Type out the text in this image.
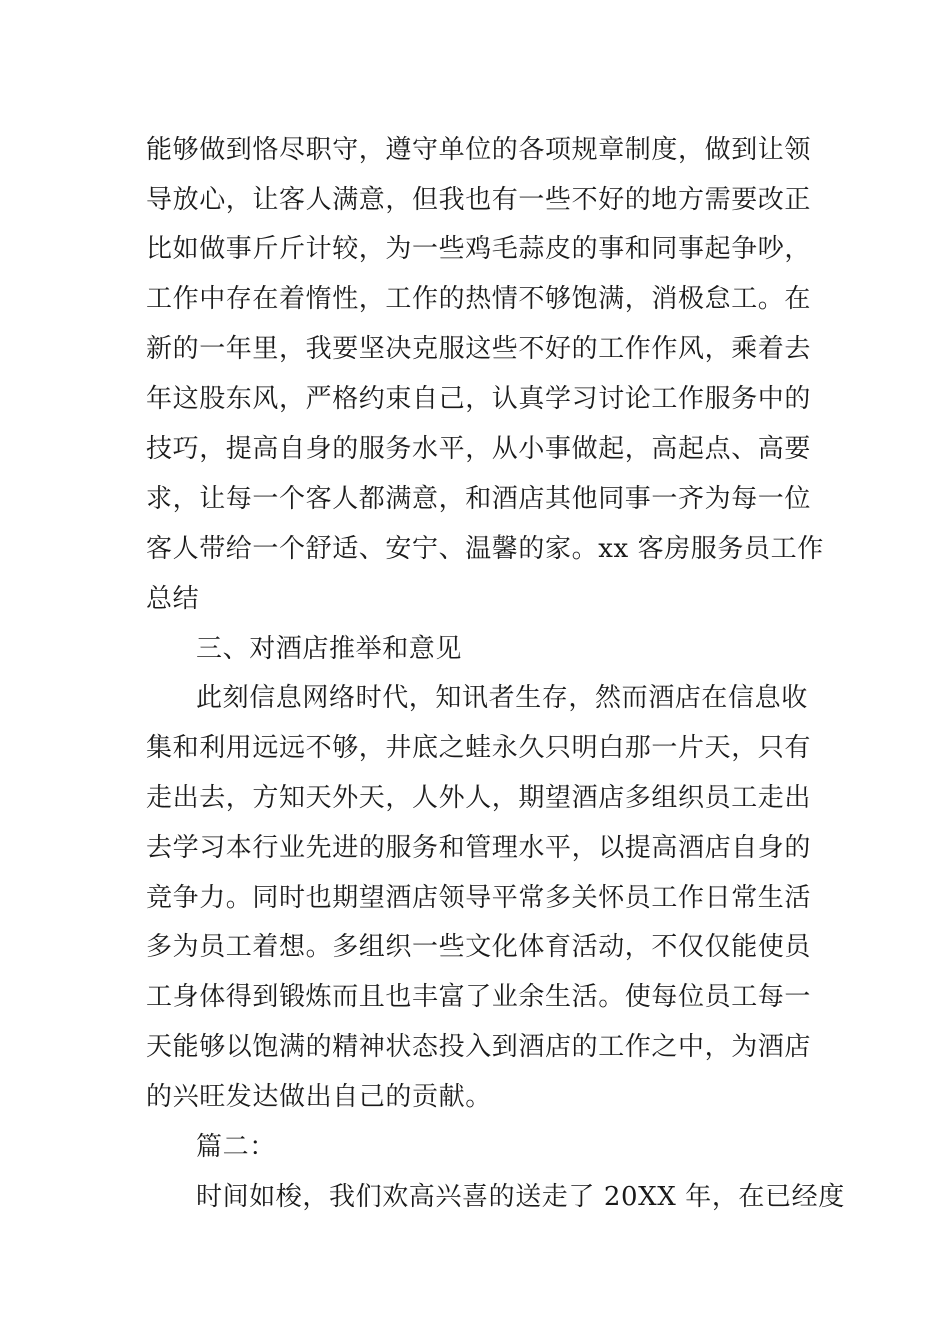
能够做到恪尽职守，遵守单位的各项规章制度，做到让领
导放心，让客人满意，但我也有一些不好的地方需要改正
比如做事斤斤计较，为一些鸡毛蒜皮的事和同事起争吵，
工作中存在着惰性，工作的热情不够饱满，消极怠工。在
新的一年里，我要坚决克服这些不好的工作作风，乘着去
年这股东风，严格约束自己，认真学习讨论工作服务中的
技巧，提高自身的服务水平，从小事做起，高起点、高要
求，让每一个客人都满意，和酒店其他同事一齐为每一位
客人带给一个舒适、安宁、温馨的家。xx 客房服务员工作
总结
三、对酒店推举和意见
此刻信息网络时代，知讯者生存，然而酒店在信息收
集和利用远远不够，井底之蛙永久只明白那一片天，只有
走出去，方知天外天，人外人，期望酒店多组织员工走出
去学习本行业先进的服务和管理水平，以提高酒店自身的
竞争力。同时也期望酒店领导平常多关怀员工作日常生活
多为员工着想。多组织一些文化体育活动，不仅仅能使员
工身体得到锻炼而且也丰富了业余生活。使每位员工每一
天能够以饱满的精神状态投入到酒店的工作之中，为酒店
的兴旺发达做出自己的贡献。
篇二：
时间如梭，我们欢高兴喜的送走了 20XX 年，在已经度
